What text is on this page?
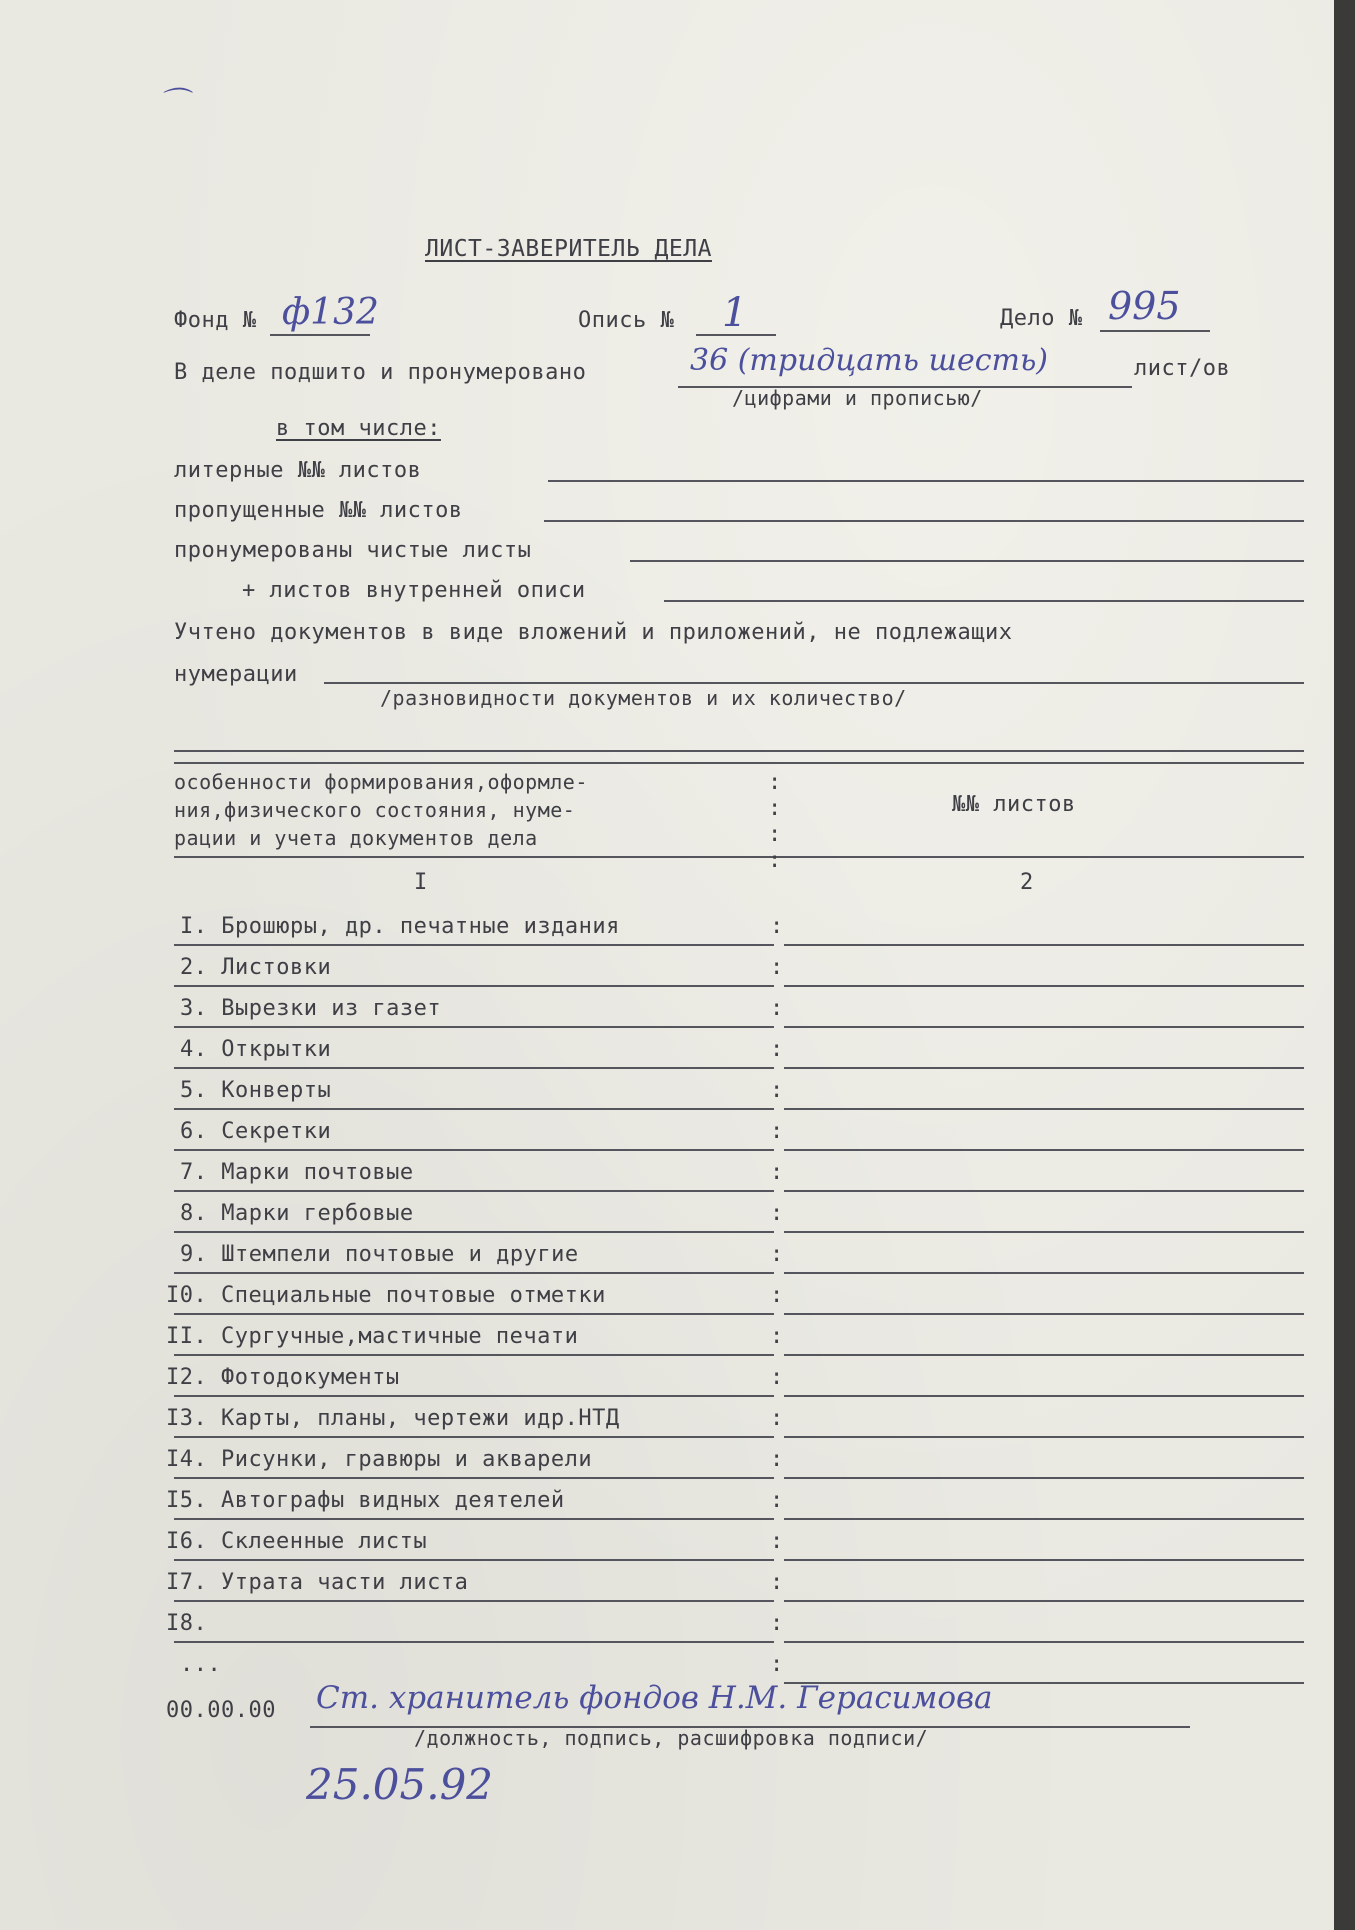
⌒
ЛИСТ-ЗАВЕРИТЕЛЬ ДЕЛА
Фонд № ф132	Опись № 1	Дело № 995
В деле подшито и пронумеровано	36 (тридцать шесть)	лист/ов
/цифрами и прописью/
в том числе:
литерные №№ листов
пропущенные №№ листов
пронумерованы чистые листы
+ листов внутренней описи
Учтено документов в виде вложений и приложений, не подлежащих
нумерации
/разновидности документов и их количество/
особенности формирования,оформле-
ния,физического состояния, нуме-
рации и учета документов дела
№№ листов
I	2
:
:
:
:
I. Брошюры, др. печатные издания	:
2. Листовки	:
3. Вырезки из газет	:
4. Открытки	:
5. Конверты	:
6. Секретки	:
7. Марки почтовые	:
8. Марки гербовые	:
9. Штемпели почтовые и другие	:
I0. Специальные почтовые отметки	:
II. Сургучные,мастичные печати	:
I2. Фотодокументы	:
I3. Карты, планы, чертежи идр.НТД	:
I4. Рисунки, гравюры и акварели	:
I5. Автографы видных деятелей	:
I6. Склеенные листы	:
I7. Утрата части листа	:
I8.	:
...	:
00.00.00 Ст. хранитель фондов Н.М. Герасимова
/должность, подпись, расшифровка подписи/
25.05.92
